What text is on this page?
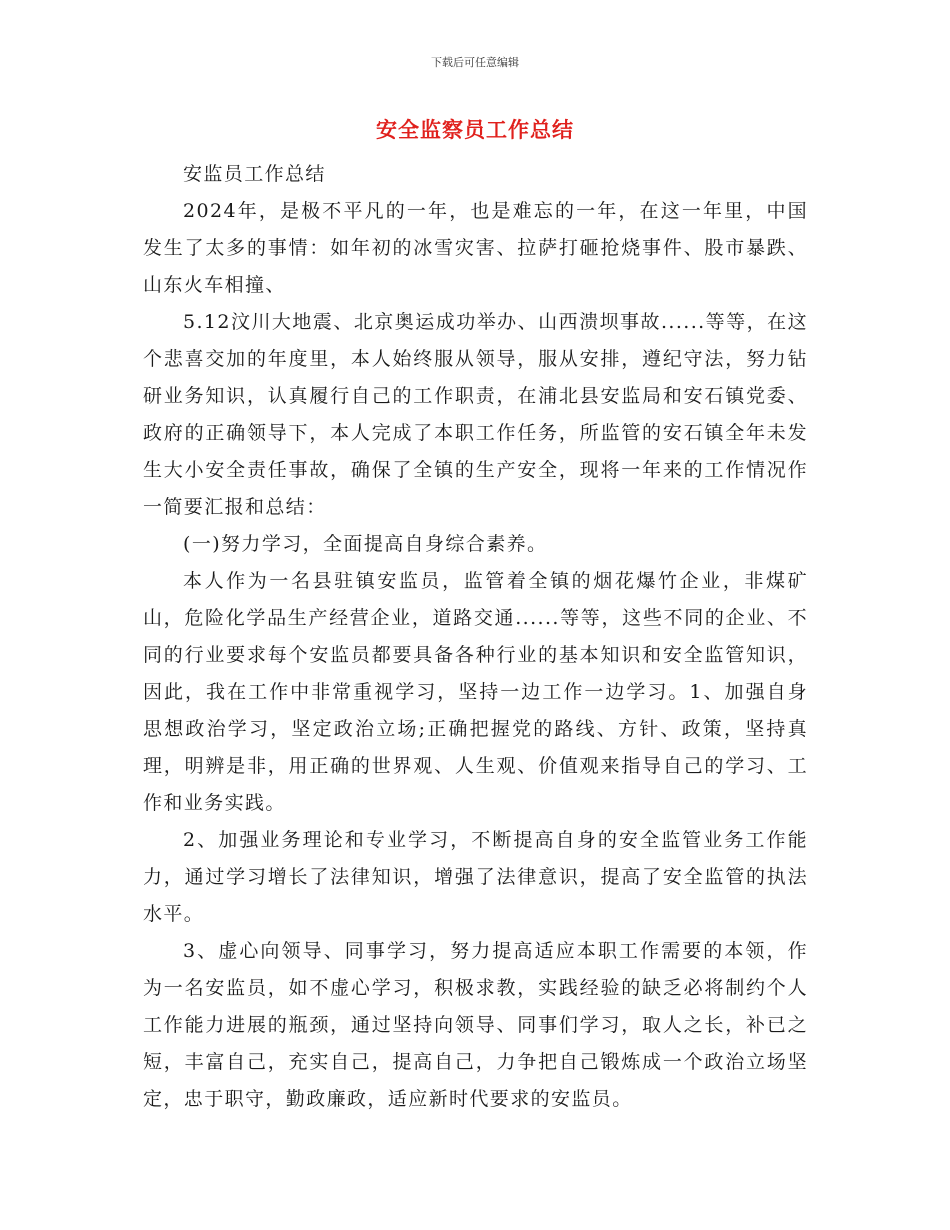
下载后可任意编辑
安全监察员工作总结

安监员工作总结

2024年，是极不平凡的一年，也是难忘的一年，在这一年里，中国发生了太多的事情：如年初的冰雪灾害、拉萨打砸抢烧事件、股市暴跌、山东火车相撞、

5.12汶川大地震、北京奥运成功举办、山西溃坝事故......等等，在这个悲喜交加的年度里，本人始终服从领导，服从安排，遵纪守法，努力钻研业务知识，认真履行自己的工作职责，在浦北县安监局和安石镇党委、政府的正确领导下，本人完成了本职工作任务，所监管的安石镇全年未发生大小安全责任事故，确保了全镇的生产安全，现将一年来的工作情况作一简要汇报和总结：

(一)努力学习，全面提高自身综合素养。

本人作为一名县驻镇安监员，监管着全镇的烟花爆竹企业，非煤矿山，危险化学品生产经营企业，道路交通......等等，这些不同的企业、不同的行业要求每个安监员都要具备各种行业的基本知识和安全监管知识，因此，我在工作中非常重视学习，坚持一边工作一边学习。1、加强自身思想政治学习，坚定政治立场;正确把握党的路线、方针、政策，坚持真理，明辨是非，用正确的世界观、人生观、价值观来指导自己的学习、工作和业务实践。

2、加强业务理论和专业学习，不断提高自身的安全监管业务工作能力，通过学习增长了法律知识，增强了法律意识，提高了安全监管的执法水平。

3、虚心向领导、同事学习，努力提高适应本职工作需要的本领，作为一名安监员，如不虚心学习，积极求教，实践经验的缺乏必将制约个人工作能力进展的瓶颈，通过坚持向领导、同事们学习，取人之长，补已之短，丰富自己，充实自己，提高自己，力争把自己锻炼成一个政治立场坚定，忠于职守，勤政廉政，适应新时代要求的安监员。
